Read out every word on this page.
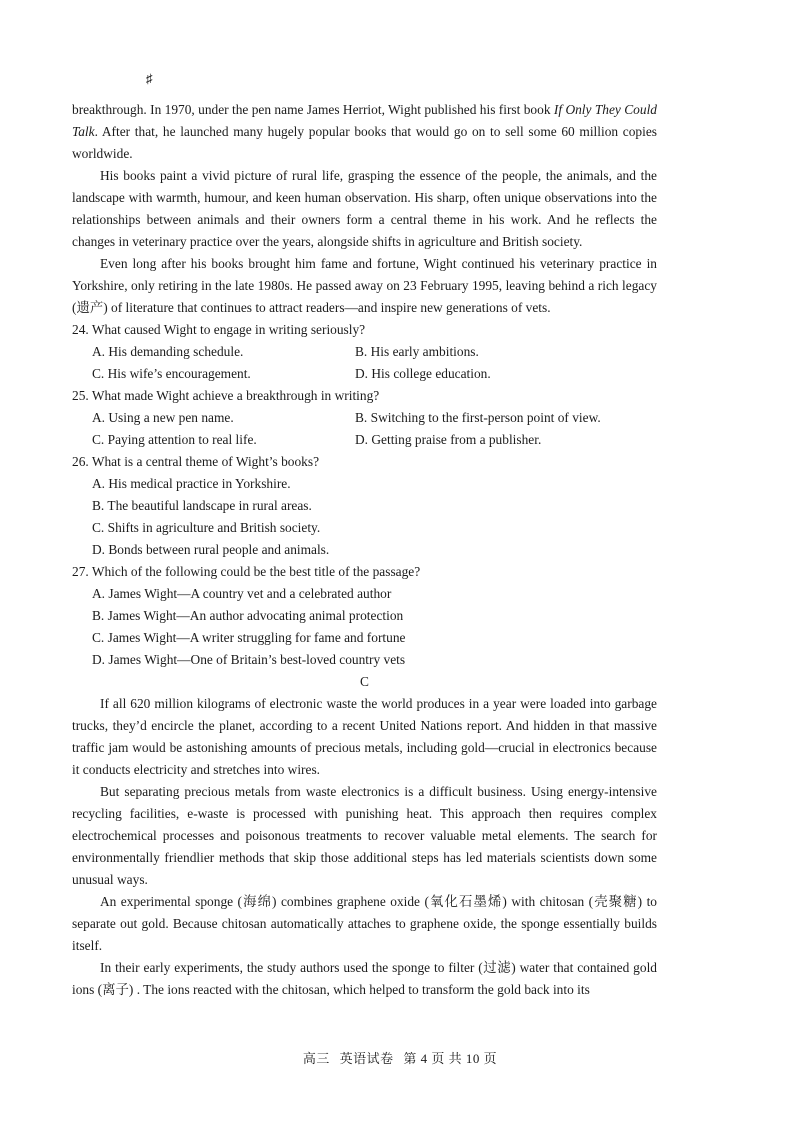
♯

breakthrough. In 1970, under the pen name James Herriot, Wight published his first book If Only They Could Talk. After that, he launched many hugely popular books that would go on to sell some 60 million copies worldwide.

His books paint a vivid picture of rural life, grasping the essence of the people, the animals, and the landscape with warmth, humour, and keen human observation. His sharp, often unique observations into the relationships between animals and their owners form a central theme in his work. And he reflects the changes in veterinary practice over the years, alongside shifts in agriculture and British society.

Even long after his books brought him fame and fortune, Wight continued his veterinary practice in Yorkshire, only retiring in the late 1980s. He passed away on 23 February 1995, leaving behind a rich legacy (遗产) of literature that continues to attract readers—and inspire new generations of vets.

24. What caused Wight to engage in writing seriously?

A. His demanding schedule.	B. His early ambitions.
C. His wife’s encouragement.	D. His college education.

25. What made Wight achieve a breakthrough in writing?

A. Using a new pen name.	B. Switching to the first-person point of view.
C. Paying attention to real life.	D. Getting praise from a publisher.

26. What is a central theme of Wight’s books?

A. His medical practice in Yorkshire.
B. The beautiful landscape in rural areas.
C. Shifts in agriculture and British society.
D. Bonds between rural people and animals.

27. Which of the following could be the best title of the passage?

A. James Wight—A country vet and a celebrated author
B. James Wight—An author advocating animal protection
C. James Wight—A writer struggling for fame and fortune
D. James Wight—One of Britain’s best-loved country vets

C

If all 620 million kilograms of electronic waste the world produces in a year were loaded into garbage trucks, they’d encircle the planet, according to a recent United Nations report. And hidden in that massive traffic jam would be astonishing amounts of precious metals, including gold—crucial in electronics because it conducts electricity and stretches into wires.

But separating precious metals from waste electronics is a difficult business. Using energy-intensive recycling facilities, e-waste is processed with punishing heat. This approach then requires complex electrochemical processes and poisonous treatments to recover valuable metal elements. The search for environmentally friendlier methods that skip those additional steps has led materials scientists down some unusual ways.

An experimental sponge (海绵) combines graphene oxide (氧化石墨烯) with chitosan (壳聚糖) to separate out gold. Because chitosan automatically attaches to graphene oxide, the sponge essentially builds itself.

In their early experiments, the study authors used the sponge to filter (过滤) water that contained gold ions (离子) . The ions reacted with the chitosan, which helped to transform the gold back into its

高三 英语试卷 第 4 页 共 10 页
